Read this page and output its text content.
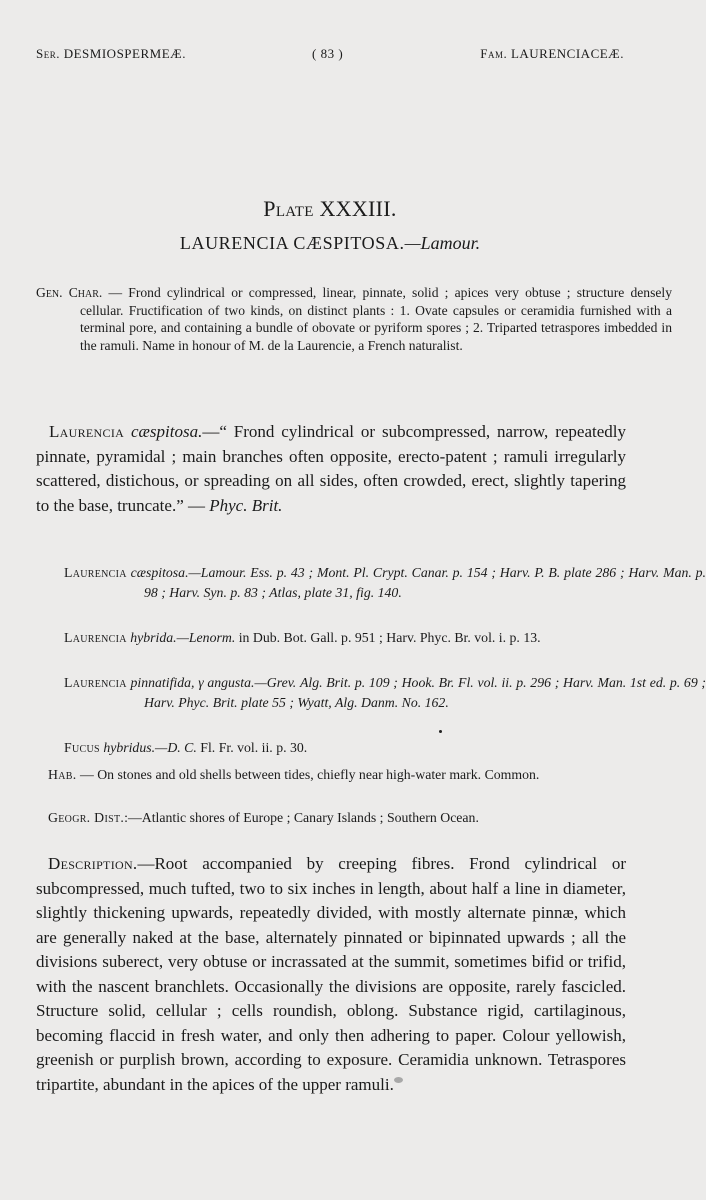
Ser. DESMIOSPERMEÆ.	( 83 )	Fam. LAURENCIACEÆ.
Plate XXXIII.
LAURENCIA CÆSPITOSA.—Lamour.
Gen. Char. — Frond cylindrical or compressed, linear, pinnate, solid ; apices very obtuse ; structure densely cellular. Fructification of two kinds, on distinct plants : 1. Ovate capsules or ceramidia furnished with a terminal pore, and containing a bundle of obovate or pyriform spores ; 2. Triparted tetraspores imbedded in the ramuli. Name in honour of M. de la Laurencie, a French naturalist.
Laurencia cæspitosa.—“ Frond cylindrical or subcompressed, narrow, repeatedly pinnate, pyramidal ; main branches often opposite, erecto-patent ; ramuli irregularly scattered, distichous, or spreading on all sides, often crowded, erect, slightly tapering to the base, truncate.” — Phyc. Brit.
Laurencia cæspitosa.—Lamour. Ess. p. 43 ; Mont. Pl. Crypt. Canar. p. 154 ; Harv. P. B. plate 286 ; Harv. Man. p. 98 ; Harv. Syn. p. 83 ; Atlas, plate 31, fig. 140.
Laurencia hybrida.—Lenorm. in Dub. Bot. Gall. p. 951 ; Harv. Phyc. Br. vol. i. p. 13.
Laurencia pinnatifida, γ angusta.—Grev. Alg. Brit. p. 109 ; Hook. Br. Fl. vol. ii. p. 296 ; Harv. Man. 1st ed. p. 69 ; Harv. Phyc. Brit. plate 55 ; Wyatt, Alg. Danm. No. 162.
Fucus hybridus.—D. C. Fl. Fr. vol. ii. p. 30.
Hab. — On stones and old shells between tides, chiefly near high-water mark. Common.
Geogr. Dist.:—Atlantic shores of Europe ; Canary Islands ; Southern Ocean.
Description.—Root accompanied by creeping fibres. Frond cylindrical or subcompressed, much tufted, two to six inches in length, about half a line in diameter, slightly thickening upwards, repeatedly divided, with mostly alternate pinnæ, which are generally naked at the base, alternately pinnated or bipinnated upwards ; all the divisions suberect, very obtuse or incrassated at the summit, sometimes bifid or trifid, with the nascent branchlets. Occasionally the divisions are opposite, rarely fascicled. Structure solid, cellular ; cells roundish, oblong. Substance rigid, cartilaginous, becoming flaccid in fresh water, and only then adhering to paper. Colour yellowish, greenish or purplish brown, according to exposure. Ceramidia unknown. Tetraspores tripartite, abundant in the apices of the upper ramuli.
